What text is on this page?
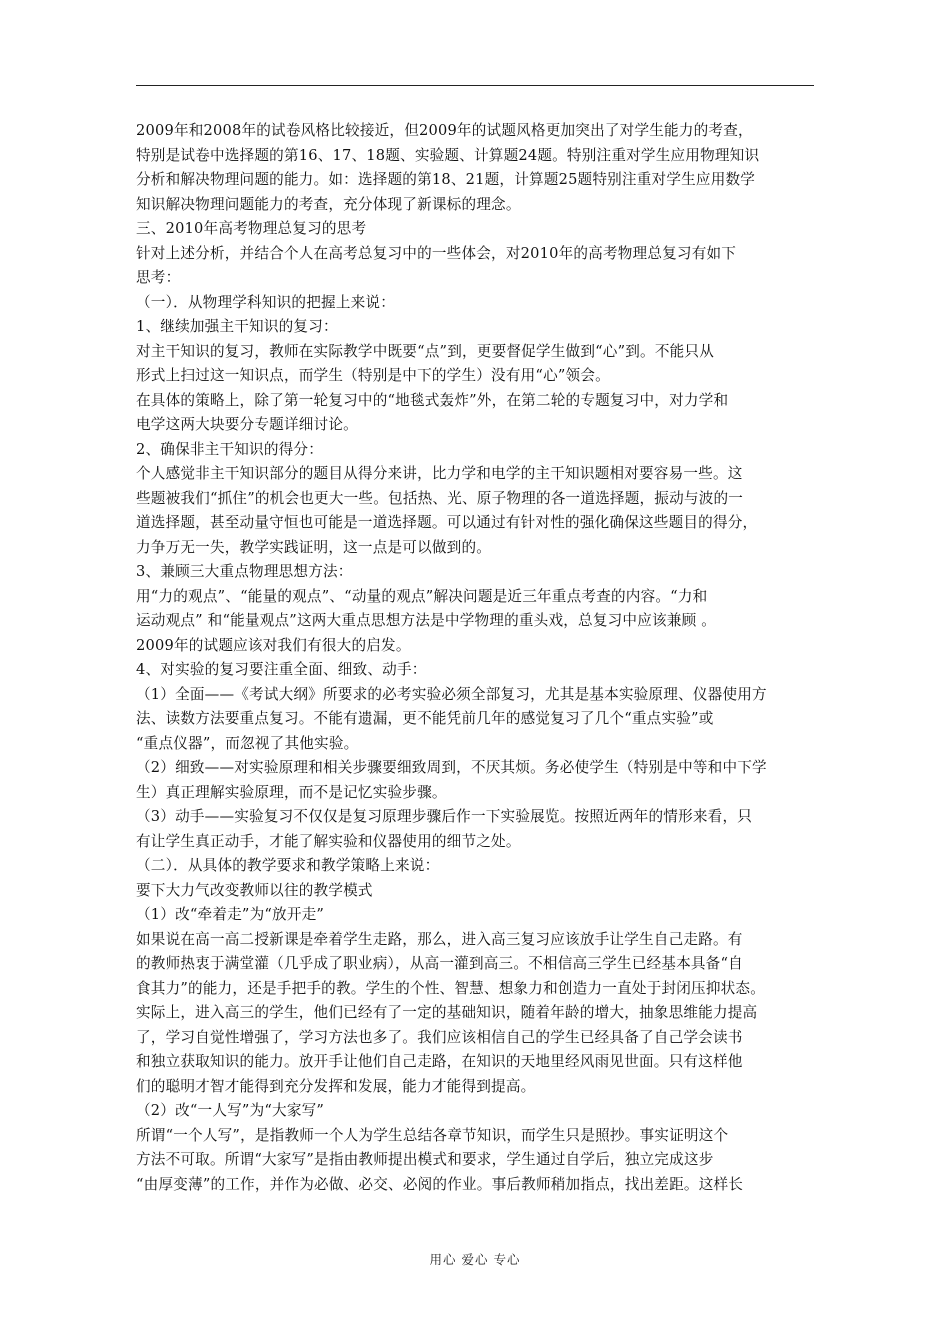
2009年和2008年的试卷风格比较接近，但2009年的试题风格更加突出了对学生能力的考查，
特别是试卷中选择题的第16、17、18题、实验题、计算题24题。特别注重对学生应用物理知识
分析和解决物理问题的能力。如：选择题的第18、21题，计算题25题特别注重对学生应用数学
知识解决物理问题能力的考查，充分体现了新课标的理念。
三、2010年高考物理总复习的思考
针对上述分析，并结合个人在高考总复习中的一些体会，对2010年的高考物理总复习有如下
思考：
（一）．从物理学科知识的把握上来说：
1、继续加强主干知识的复习：
对主干知识的复习，教师在实际教学中既要“点”到，更要督促学生做到“心”到。不能只从
形式上扫过这一知识点，而学生（特别是中下的学生）没有用“心”领会。
在具体的策略上，除了第一轮复习中的“地毯式轰炸”外，在第二轮的专题复习中，对力学和
电学这两大块要分专题详细讨论。
2、确保非主干知识的得分：
个人感觉非主干知识部分的题目从得分来讲，比力学和电学的主干知识题相对要容易一些。这
些题被我们“抓住”的机会也更大一些。包括热、光、原子物理的各一道选择题，振动与波的一
道选择题，甚至动量守恒也可能是一道选择题。可以通过有针对性的强化确保这些题目的得分，
力争万无一失，教学实践证明，这一点是可以做到的。
3、兼顾三大重点物理思想方法：
用“力的观点”、“能量的观点”、“动量的观点”解决问题是近三年重点考查的内容。“力和
运动观点” 和“能量观点”这两大重点思想方法是中学物理的重头戏，总复习中应该兼顾 。
2009年的试题应该对我们有很大的启发。
4、对实验的复习要注重全面、细致、动手：
（1）全面——《考试大纲》所要求的必考实验必须全部复习，尤其是基本实验原理、仪器使用方
法、读数方法要重点复习。不能有遗漏，更不能凭前几年的感觉复习了几个“重点实验”或
“重点仪器”，而忽视了其他实验。
（2）细致——对实验原理和相关步骤要细致周到，不厌其烦。务必使学生（特别是中等和中下学
生）真正理解实验原理，而不是记忆实验步骤。
（3）动手——实验复习不仅仅是复习原理步骤后作一下实验展览。按照近两年的情形来看，只
有让学生真正动手，才能了解实验和仪器使用的细节之处。
（二）．从具体的教学要求和教学策略上来说：
要下大力气改变教师以往的教学模式
（1）改“牵着走”为“放开走”
如果说在高一高二授新课是牵着学生走路，那么，进入高三复习应该放手让学生自己走路。有
的教师热衷于满堂灌（几乎成了职业病），从高一灌到高三。不相信高三学生已经基本具备“自
食其力”的能力，还是手把手的教。学生的个性、智慧、想象力和创造力一直处于封闭压抑状态。
实际上，进入高三的学生，他们已经有了一定的基础知识，随着年龄的增大，抽象思维能力提高
了，学习自觉性增强了，学习方法也多了。我们应该相信自己的学生已经具备了自己学会读书
和独立获取知识的能力。放开手让他们自己走路，在知识的天地里经风雨见世面。只有这样他
们的聪明才智才能得到充分发挥和发展，能力才能得到提高。
（2）改“一人写”为“大家写”
所谓“一个人写”，是指教师一个人为学生总结各章节知识，而学生只是照抄。事实证明这个
方法不可取。所谓“大家写”是指由教师提出模式和要求，学生通过自学后，独立完成这步
“由厚变薄”的工作，并作为必做、必交、必阅的作业。事后教师稍加指点，找出差距。这样长
用心 爱心 专心
